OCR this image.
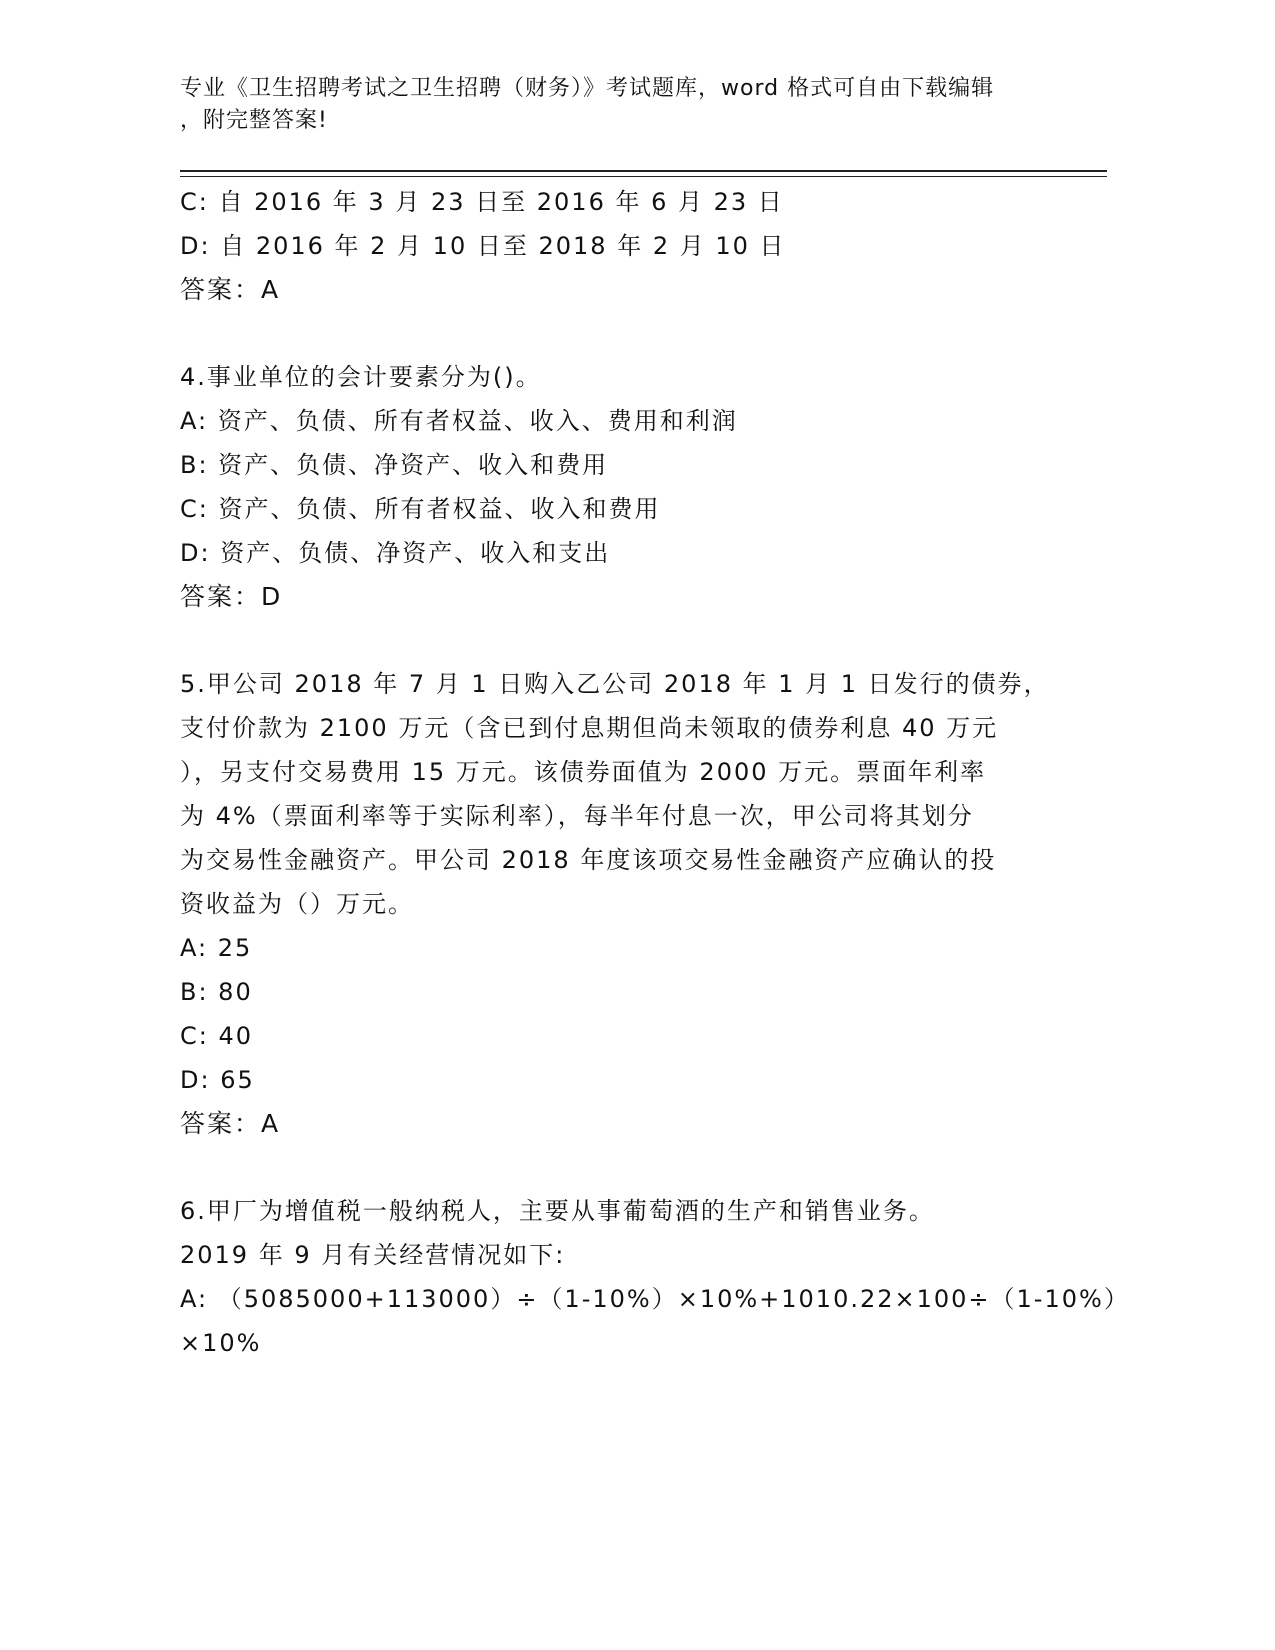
专业《卫生招聘考试之卫生招聘（财务）》考试题库，word 格式可自由下载编辑
，附完整答案!
C: 自 2016 年 3 月 23 日至 2016 年 6 月 23 日
D: 自 2016 年 2 月 10 日至 2018 年 2 月 10 日
答案：A
4.事业单位的会计要素分为()。
A: 资产、负债、所有者权益、收入、费用和利润
B: 资产、负债、净资产、收入和费用
C: 资产、负债、所有者权益、收入和费用
D: 资产、负债、净资产、收入和支出
答案：D
5.甲公司 2018 年 7 月 1 日购入乙公司 2018 年 1 月 1 日发行的债券，
支付价款为 2100 万元（含已到付息期但尚未领取的债券利息 40 万元
），另支付交易费用 15 万元。该债券面值为 2000 万元。票面年利率
为 4%（票面利率等于实际利率），每半年付息一次，甲公司将其划分
为交易性金融资产。甲公司 2018 年度该项交易性金融资产应确认的投
资收益为（）万元。
A: 25
B: 80
C: 40
D: 65
答案：A
6.甲厂为增值税一般纳税人，主要从事葡萄酒的生产和销售业务。
2019 年 9 月有关经营情况如下:
A: （5085000+113000）÷（1-10%）×10%+1010.22×100÷（1-10%）
×10%
